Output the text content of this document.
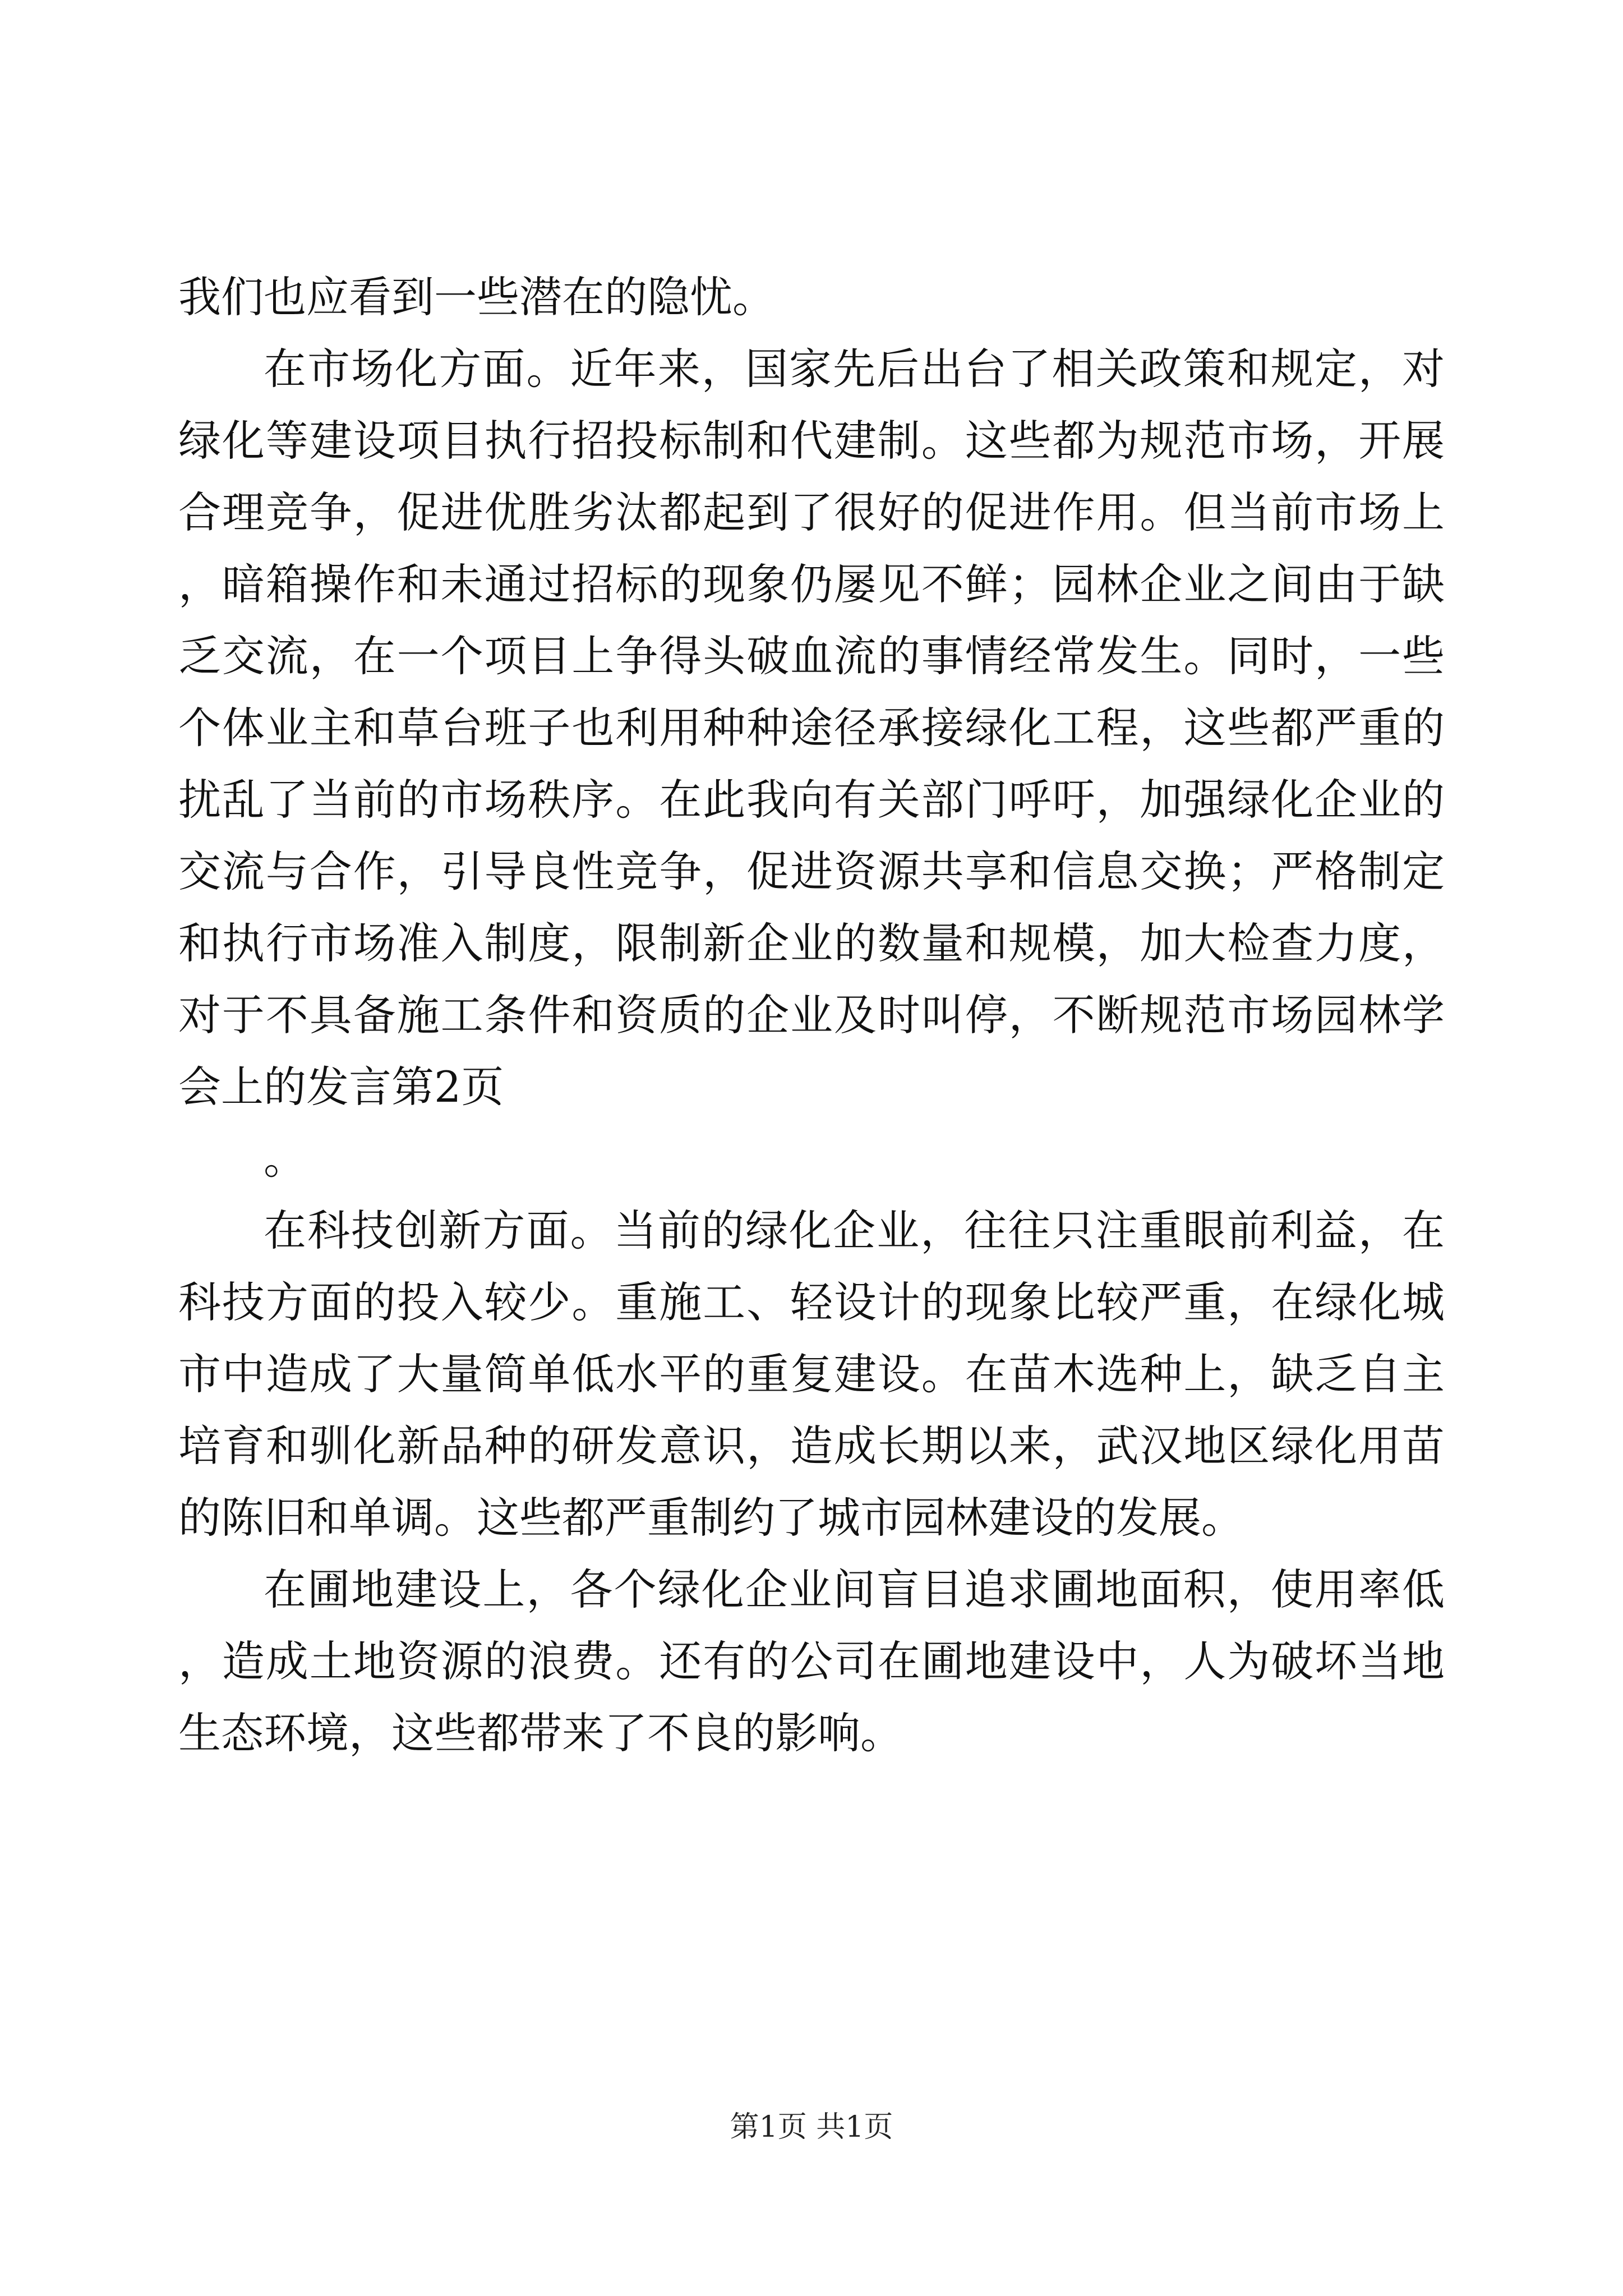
我们也应看到一些潜在的隐忧。

在市场化方面。近年来，国家先后出台了相关政策和规定，对绿化等建设项目执行招投标制和代建制。这些都为规范市场，开展合理竞争，促进优胜劣汰都起到了很好的促进作用。但当前市场上，暗箱操作和未通过招标的现象仍屡见不鲜；园林企业之间由于缺乏交流，在一个项目上争得头破血流的事情经常发生。同时，一些个体业主和草台班子也利用种种途径承接绿化工程，这些都严重的扰乱了当前的市场秩序。在此我向有关部门呼吁，加强绿化企业的交流与合作，引导良性竞争，促进资源共享和信息交换；严格制定和执行市场准入制度，限制新企业的数量和规模，加大检查力度，对于不具备施工条件和资质的企业及时叫停，不断规范市场园林学会上的发言第2页

。

在科技创新方面。当前的绿化企业，往往只注重眼前利益，在科技方面的投入较少。重施工、轻设计的现象比较严重，在绿化城市中造成了大量简单低水平的重复建设。在苗木选种上，缺乏自主培育和驯化新品种的研发意识，造成长期以来，武汉地区绿化用苗的陈旧和单调。这些都严重制约了城市园林建设的发展。

在圃地建设上，各个绿化企业间盲目追求圃地面积，使用率低，造成土地资源的浪费。还有的公司在圃地建设中，人为破坏当地生态环境，这些都带来了不良的影响。

第1页 共1页
